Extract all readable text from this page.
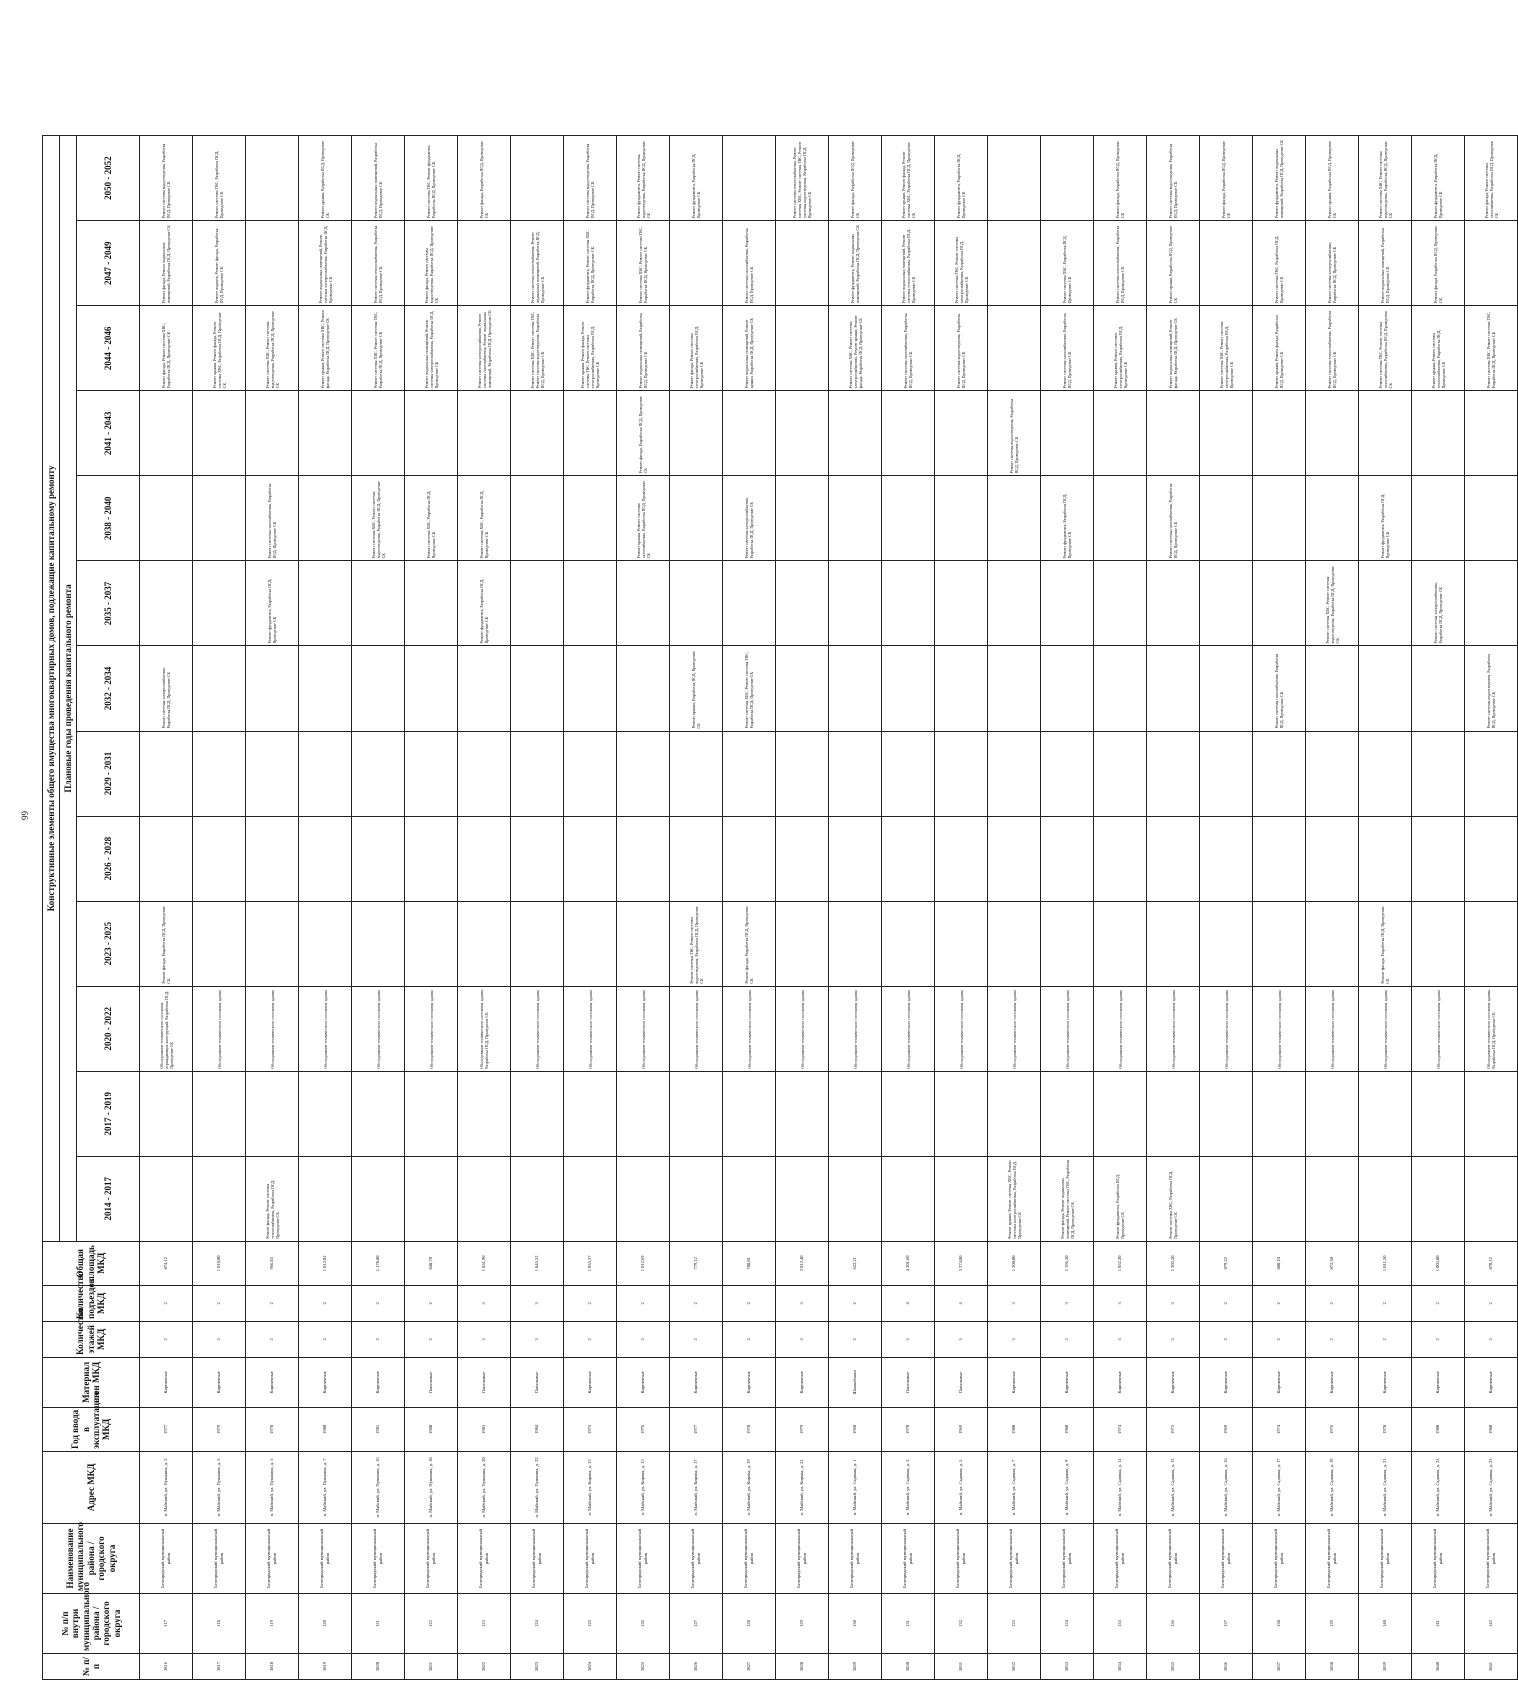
99
№ п/п	№ п/п внутри муниципального района / городского округа	Наименование муниципального района / городского округа	Адрес МКД	Год ввода в эксплуатацию МКД	Материал стен МКД	Количество этажей МКД	Количество подъездов МКД	Общая площадь МКД	Конструктивные элементы общего имущества многоквартирных домов, подлежащие капитальному ремонту												
									Плановые годы проведения капитального ремонта												
									2014 - 2017	2017 - 2019	2020 - 2022	2023 - 2025	2026 - 2028	2029 - 2031	2032 - 2034	2035 - 2037	2038 - 2040	2041 - 2043	2044 - 2046	2047 - 2049	2050 - 2052
3816	117	Белгородский муниципальный район	п. Майский, ул. Пушкина, д. 2	1977	Кирпичные	2	2	874,12			Обследование технического состояния ограждающих конструкций, Разработка ПСД, Проведение СК	Ремонт фасада, Разработка ПСД, Проведение СК			Ремонт системы электроснабжения, Разработка ПСД, Проведение СК				Ремонт фасада, Ремонт системы ХВС, Разработка ПСД, Проведение СК	Ремонт фасада, Ремонт подвальных помещений, Разработка ПСД, Проведение СК	Ремонт системы водоотведения, Разработка ПСД, Проведение СК
3817	118	Белгородский муниципальный район	п. Майский, ул. Пушкина, д. 3	1979	Кирпичные	2	2	1 010,00			Обследование технического состояния здания								Ремонт крыши, Ремонт фасада, Ремонт системы ХВС, Разработка ПСД, Проведение СК	Ремонт подвала, Ремонт фасада, Разработка ПСД, Проведение СК	Ремонт системы ТВС, Разработка ПСД, Проведение СК
3818	119	Белгородский муниципальный район	п. Майский, ул. Пушкина, д. 5	1978	Кирпичные	2	2	966,83	Ремонт фасада, Ремонт системы теплоснабжения, Разработка ПСД, Проведение СК		Обследование технического состояния здания					Ремонт фундамента, Разработка ПСД, Проведение СК	Ремонт системы газоснабжения, Разработка ПСД, Проведение СК		Ремонт системы ХВС, Ремонт системы водоотведения, Разработка ПСД, Проведение СК		
3819	120	Белгородский муниципальный район	п. Майский, ул. Пушкина, д. 7	1980	Кирпичные	2	2	1 012,02			Обследование технического состояния здания								Ремонт крыши, Ремонт системы ХВС, Ремонт фасада, Разработка ПСД, Проведение СК	Ремонт подвальных помещений, Ремонт системы электроснабжения, Разработка ПСД, Проведение СК	Ремонт крыши, Разработка ПСД, Проведение СК
3820	121	Белгородский муниципальный район	п. Майский, ул. Пушкина, д. 16	1981	Кирпичные	2	2	1 178,80			Обследование технического состояния здания						Ремонт системы ХВС, Ремонт системы водоотведения, Разработка ПСД, Проведение СК		Ремонт системы ХВС, Ремонт системы ТВС, Разработка ПСД, Проведение СК	Ремонт системы теплоснабжения, Разработка ПСД, Проведение СК	Ремонт подвальных помещений, Разработка ПСД, Проведение СК
3821	122	Белгородский муниципальный район	п. Майский, ул. Пушкина, д. 18	1980	Панельные	2	2	848,70			Обследование технического состояния здания						Ремонт системы ХВС, Разработка ПСД, Проведение СК		Ремонт подвальных помещений, Ремонт системы электроснабжения, Разработка ПСД, Проведение СК	Ремонт фасада, Ремонт системы водоотведения, Разработка ПСД, Проведение СК	Ремонт системы ТВС, Ремонт фундамента, Разработка ПСД, Проведение СК
3822	123	Белгородский муниципальный район	п. Майский, ул. Пушкина, д. 20	1983	Панельные	3	3	1 851,90			Обследование технического состояния здания, Разработка ПСД, Проведение СК					Ремонт фундамента, Разработка ПСД, Проведение СК	Ремонт системы ХВС, Разработка ПСД, Проведение СК		Ремонт системы электроснабжения, Ремонт системы газоснабжения, Ремонт подвальных помещений, Разработка ПСД, Проведение СК		Ремонт фасада, Разработка ПСД, Проведение СК
3823	124	Белгородский муниципальный район	п. Майский, ул. Пушкина, д. 22	1984	Панельные	3	3	1 845,32			Обследование технического состояния здания								Ремонт системы ХВС, Ремонт системы ТВС, Ремонт системы водоотведения, Разработка ПСД, Проведение СК	Ремонт системы теплоснабжения, Ремонт подвальных помещений, Разработка ПСД, Проведение СК	
3824	125	Белгородский муниципальный район	п. Майский, ул. Кирова, д. 13	1975	Кирпичные	2	2	1 035,37			Обследование технического состояния здания								Ремонт крыши, Ремонт фасада, Ремонт системы ТВС, Ремонт системы электроснабжения, Разработка ПСД, Проведение СК	Ремонт фундамента, Ремонт системы ХВС, Разработка ПСД, Проведение СК	Ремонт системы водоотведения, Разработка ПСД, Проведение СК
3825	126	Белгородский муниципальный район	п. Майский, ул. Кирова, д. 15	1976	Кирпичные	2	2	1 012,69			Обследование технического состояния здания						Ремонт крыши, Ремонт системы газоснабжения, Разработка ПСД, Проведение СК	Ремонт фасада, Разработка ПСД, Проведение СК	Ремонт подвальных помещений, Разработка ПСД, Проведение СК	Ремонт системы ХВС, Ремонт системы ТВС, Разработка ПСД, Проведение СК	Ремонт фундамента, Ремонт системы водоотведения, Разработка ПСД, Проведение СК
3826	127	Белгородский муниципальный район	п. Майский, ул. Кирова, д. 17	1977	Кирпичные	2	2	779,12			Обследование технического состояния здания	Ремонт системы ТВС, Ремонт системы водоотведения, Разработка ПСД, Проведение СК			Ремонт крыши, Разработка ПСД, Проведение СК				Ремонт фасада, Ремонт системы электроснабжения, Разработка ПСД, Проведение СК		Ремонт фундамента, Разработка ПСД, Проведение СК
3827	128	Белгородский муниципальный район	п. Майский, ул. Кирова, д. 19	1978	Кирпичные	2	2	788,81			Обследование технического состояния здания	Ремонт фасада, Разработка ПСД, Проведение СК			Ремонт системы ХВС, Ремонт системы ТВС, Разработка ПСД, Проведение СК		Ремонт системы электроснабжения, Разработка ПСД, Проведение СК		Ремонт подвальных помещений, Ремонт крыши, Разработка ПСД, Проведение СК	Ремонт системы газоснабжения, Разработка ПСД, Проведение СК	
3828	129	Белгородский муниципальный район	п. Майский, ул. Кирова, д. 21	1979	Кирпичные	3	3	2 012,40			Обследование технического состояния здания										Ремонт системы теплоснабжения, Ремонт системы ХВС, Ремонт системы ТВС, Ремонт системы водоотведения, Разработка ПСД, Проведение СК
3829	130	Белгородский муниципальный район	п. Майский, ул. Садовая, д. 1	1968	Шлакоблоки	2	2	622,21			Обследование технического состояния здания								Ремонт системы ХВС, Ремонт системы электроснабжения, Ремонт крыши, Ремонт фасада, Разработка ПСД, Проведение СК	Ремонт фундамента, Ремонт подвальных помещений, Разработка ПСД, Проведение СК	Ремонт фасада, Разработка ПСД, Проведение СК
3830	131	Белгородский муниципальный район	п. Майский, ул. Садовая, д. 3	1970	Панельные	5	4	4 201,60			Обследование технического состояния здания								Ремонт системы газоснабжения, Разработка ПСД, Проведение СК	Ремонт подвальных помещений, Ремонт системы теплоснабжения, Разработка ПСД, Проведение СК	Ремонт крыши, Ремонт фасада, Ремонт системы ХВС, Разработка ПСД, Проведение СК
3831	132	Белгородский муниципальный район	п. Майский, ул. Садовая, д. 5	1969	Панельные	5	4	3 274,00			Обследование технического состояния здания								Ремонт системы водоотведения, Разработка ПСД, Проведение СК	Ремонт системы ТВС, Ремонт системы электроснабжения, Разработка ПСД, Проведение СК	Ремонт фундамента, Разработка ПСД, Проведение СК
3832	133	Белгородский муниципальный район	п. Майский, ул. Садовая, д. 7	1980	Кирпичные	3	3	1 200,00	Ремонт крыши, Ремонт системы ХВС, Ремонт системы электроснабжения, Разработка ПСД, Проведение СК		Обследование технического состояния здания							Ремонт системы водоотведения, Разработка ПСД, Проведение СК			
3833	134	Белгородский муниципальный район	п. Майский, ул. Садовая, д. 9	1980	Кирпичные	3	3	1 196,30	Ремонт фасада, Ремонт подвальных помещений, Ремонт системы ТВС, Разработка ПСД, Проведение СК		Обследование технического состояния здания						Ремонт фундамента, Разработка ПСД, Проведение СК		Ремонт системы газоснабжения, Разработка ПСД, Проведение СК	Ремонт системы ХВС, Разработка ПСД, Проведение СК	
3834	135	Белгородский муниципальный район	п. Майский, ул. Садовая, д. 11	1974	Кирпичные	3	3	1 052,20	Ремонт фундамента, Разработка ПСД, Проведение СК		Обследование технического состояния здания								Ремонт крыши, Ремонт системы электроснабжения, Разработка ПСД, Проведение СК	Ремонт системы теплоснабжения, Разработка ПСД, Проведение СК	Ремонт фасада, Разработка ПСД, Проведение СК
3835	136	Белгородский муниципальный район	п. Майский, ул. Садовая, д. 13	1975	Кирпичные	3	3	1 203,50	Ремонт системы ХВС, Разработка ПСД, Проведение СК		Обследование технического состояния здания						Ремонт системы газоснабжения, Разработка ПСД, Проведение СК		Ремонт подвальных помещений, Ремонт фасада, Разработка ПСД, Проведение СК	Ремонт крыши, Разработка ПСД, Проведение СК	Ремонт системы водоотведения, Разработка ПСД, Проведение СК
3836	137	Белгородский муниципальный район	п. Майский, ул. Садовая, д. 15	1969	Кирпичные	2	2	879,22			Обследование технического состояния здания								Ремонт системы ХВС, Ремонт системы электроснабжения, Разработка ПСД, Проведение СК		Ремонт фасада, Разработка ПСД, Проведение СК
3837	138	Белгородский муниципальный район	п. Майский, ул. Садовая, д. 17	1974	Кирпичные	2	2	880,10			Обследование технического состояния здания				Ремонт системы газоснабжения, Разработка ПСД, Проведение СК				Ремонт крыши, Ремонт фасада, Разработка ПСД, Проведение СК	Ремонт системы ТВС, Разработка ПСД, Проведение СК	Ремонт фундамента, Ремонт подвальных помещений, Разработка ПСД, Проведение СК
3838	139	Белгородский муниципальный район	п. Майский, ул. Садовая, д. 19	1976	Кирпичные	2	2	872,30			Обследование технического состояния здания					Ремонт системы ХВС, Ремонт системы водоотведения, Разработка ПСД, Проведение СК			Ремонт системы теплоснабжения, Разработка ПСД, Проведение СК	Ремонт системы электроснабжения, Разработка ПСД, Проведение СК	Ремонт крыши, Разработка ПСД, Проведение СК
3839	140	Белгородский муниципальный район	п. Майский, ул. Садовая, д. 21	1978	Кирпичные	2	2	1 011,50			Обследование технического состояния здания	Ремонт фасада, Разработка ПСД, Проведение СК					Ремонт фундамента, Разработка ПСД, Проведение СК		Ремонт системы ТВС, Ремонт системы газоснабжения, Разработка ПСД, Проведение СК	Ремонт подвальных помещений, Разработка ПСД, Проведение СК	Ремонт системы ХВС, Ремонт системы водоотведения, Разработка ПСД, Проведение СК
3840	141	Белгородский муниципальный район	п. Майский, ул. Садовая, д. 23	1980	Кирпичные	2	2	1 003,80			Обследование технического состояния здания					Ремонт системы электроснабжения, Разработка ПСД, Проведение СК			Ремонт крыши, Ремонт системы теплоснабжения, Разработка ПСД, Проведение СК	Ремонт фасада, Разработка ПСД, Проведение СК	Ремонт фундамента, Разработка ПСД, Проведение СК
3841	142	Белгородский муниципальный район	п. Майский, ул. Садовая, д. 25	1980	Кирпичные	2	2	870,12			Обследование технического состояния здания, Разработка ПСД, Проведение СК				Ремонт системы водоотведения, Разработка ПСД, Проведение СК				Ремонт системы ХВС, Ремонт системы ТВС, Разработка ПСД, Проведение СК		Ремонт фасада, Ремонт системы газоснабжения, Разработка ПСД, Проведение СК
